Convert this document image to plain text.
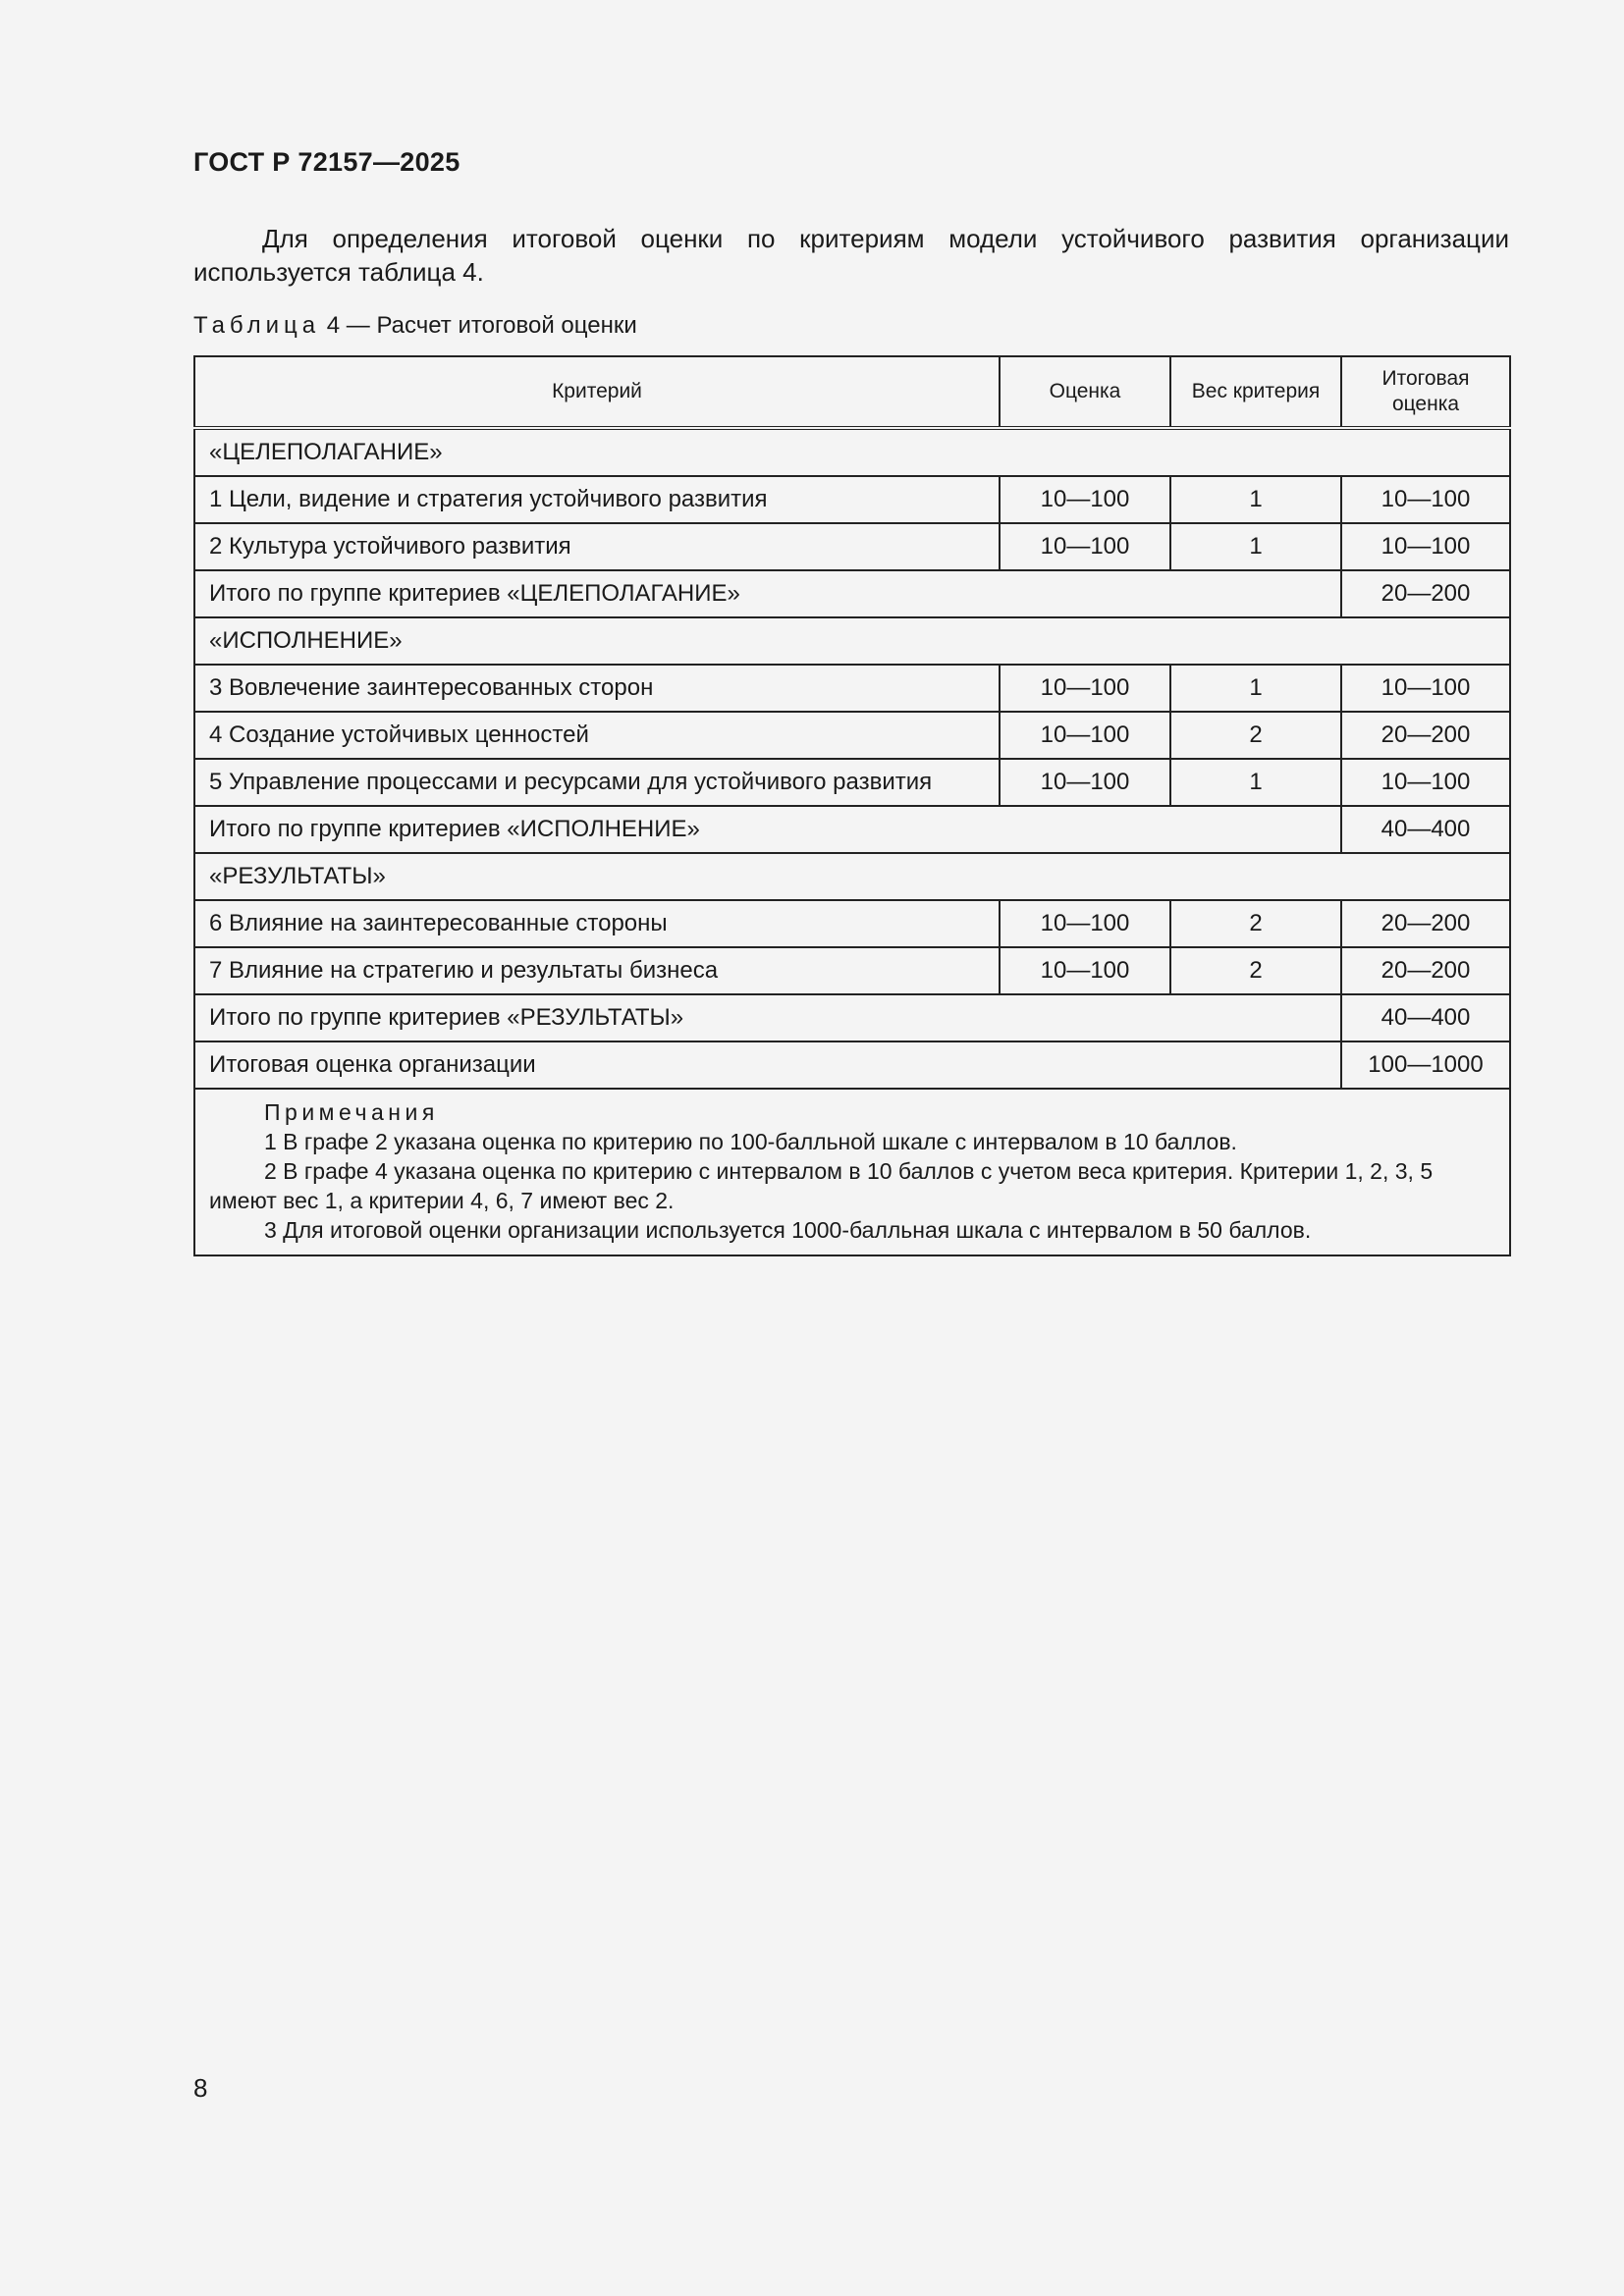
ГОСТ Р 72157—2025

Для определения итоговой оценки по критериям модели устойчивого развития организации используется таблица 4.

Таблица 4 — Расчет итоговой оценки
Критерий	Оценка	Вес критерия	Итоговая оценка
«ЦЕЛЕПОЛАГАНИЕ»			
1 Цели, видение и стратегия устойчивого развития	10—100	1	10—100
2 Культура устойчивого развития	10—100	1	10—100
Итого по группе критериев «ЦЕЛЕПОЛАГАНИЕ»			20—200
«ИСПОЛНЕНИЕ»			
3 Вовлечение заинтересованных сторон	10—100	1	10—100
4 Создание устойчивых ценностей	10—100	2	20—200
5 Управление процессами и ресурсами для устойчивого развития	10—100	1	10—100
Итого по группе критериев «ИСПОЛНЕНИЕ»			40—400
«РЕЗУЛЬТАТЫ»			
6 Влияние на заинтересованные стороны	10—100	2	20—200
7 Влияние на стратегию и результаты бизнеса	10—100	2	20—200
Итого по группе критериев «РЕЗУЛЬТАТЫ»			40—400
Итоговая оценка организации			100—1000

Примечания

1 В графе 2 указана оценка по критерию по 100-балльной шкале с интервалом в 10 баллов.

2 В графе 4 указана оценка по критерию с интервалом в 10 баллов с учетом веса критерия. Критерии 1, 2, 3, 5 имеют вес 1, а критерии 4, 6, 7 имеют вес 2.

3 Для итоговой оценки организации используется 1000-балльная шкала с интервалом в 50 баллов.			

8
